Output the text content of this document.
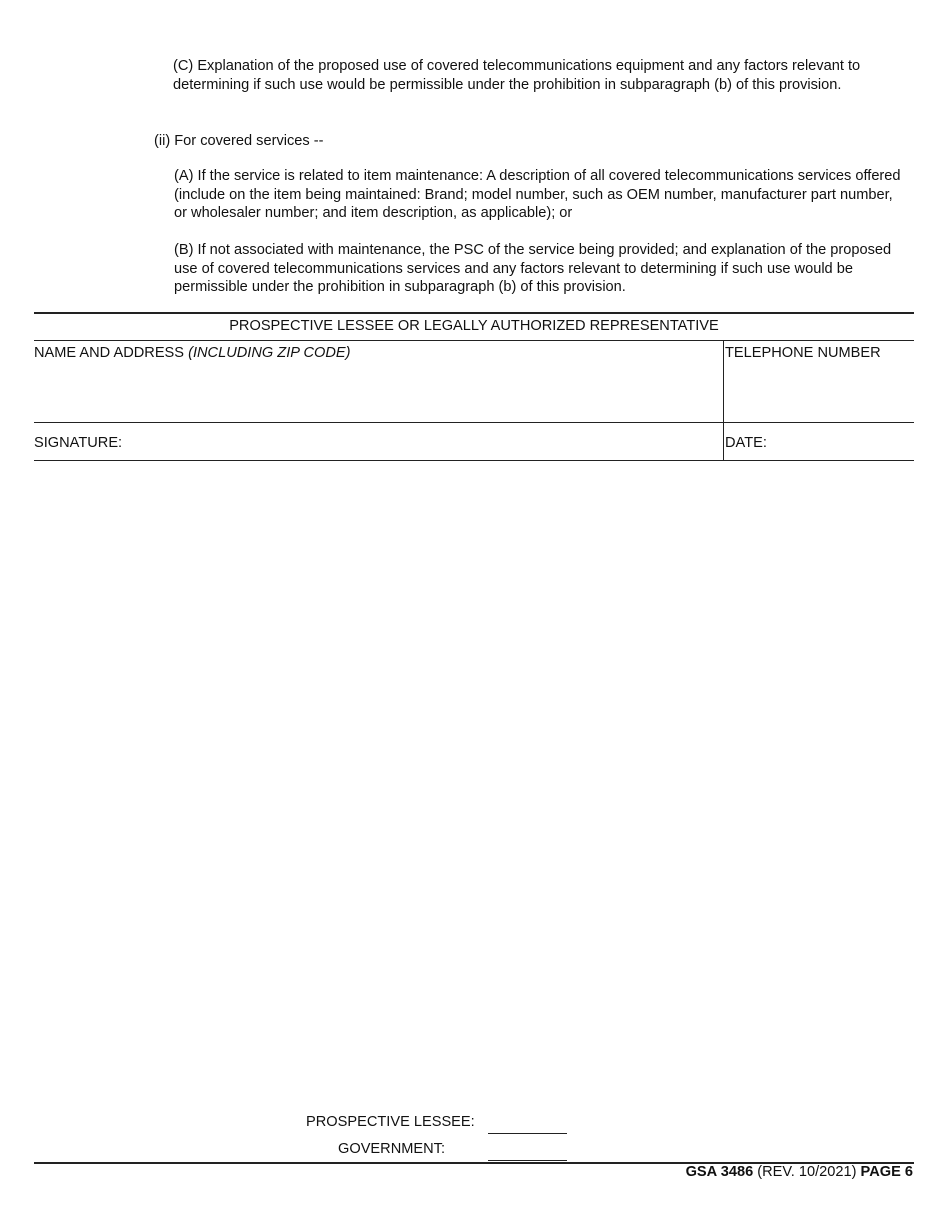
(C) Explanation of the proposed use of covered telecommunications equipment and any factors relevant to determining if such use would be permissible under the prohibition in subparagraph (b) of this provision.

(ii) For covered services --

(A) If the service is related to item maintenance: A description of all covered telecommunications services offered (include on the item being maintained: Brand; model number, such as OEM number, manufacturer part number, or wholesaler number; and item description, as applicable); or

(B) If not associated with maintenance, the PSC of the service being provided; and explanation of the proposed use of covered telecommunications services and any factors relevant to determining if such use would be permissible under the prohibition in subparagraph (b) of this provision.

PROSPECTIVE LESSEE OR LEGALLY AUTHORIZED REPRESENTATIVE
NAME AND ADDRESS (INCLUDING ZIP CODE)	TELEPHONE NUMBER
SIGNATURE:	DATE:
PROSPECTIVE LESSEE:
GOVERNMENT:
GSA 3486 (REV. 10/2021) PAGE 6
